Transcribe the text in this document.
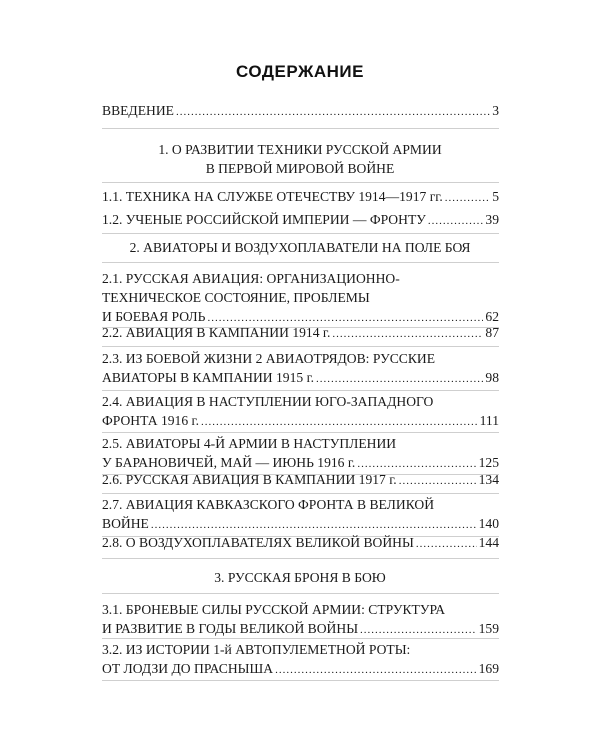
СОДЕРЖАНИЕ
ВВЕДЕНИЕ .....	3
1. О РАЗВИТИИ ТЕХНИКИ РУССКОЙ АРМИИ
В ПЕРВОЙ МИРОВОЙ ВОЙНЕ
1.1. ТЕХНИКА НА СЛУЖБЕ ОТЕЧЕСТВУ 1914—1917 гг. .....	5
1.2. УЧЕНЫЕ РОССИЙСКОЙ ИМПЕРИИ — ФРОНТУ .....	39
2. АВИАТОРЫ И ВОЗДУХОПЛАВАТЕЛИ НА ПОЛЕ БОЯ
2.1. РУССКАЯ АВИАЦИЯ: ОРГАНИЗАЦИОННО-
ТЕХНИЧЕСКОЕ СОСТОЯНИЕ, ПРОБЛЕМЫ
И БОЕВАЯ РОЛЬ .....	62
2.2. АВИАЦИЯ В КАМПАНИИ 1914 г. .....	87
2.3. ИЗ БОЕВОЙ ЖИЗНИ 2 АВИАОТРЯДОВ: РУССКИЕ
АВИАТОРЫ В КАМПАНИИ 1915 г. .....	98
2.4. АВИАЦИЯ В НАСТУПЛЕНИИ ЮГО-ЗАПАДНОГО
ФРОНТА 1916 г. .....	111
2.5. АВИАТОРЫ 4-Й АРМИИ В НАСТУПЛЕНИИ
У БАРАНОВИЧЕЙ, МАЙ — ИЮНЬ 1916 г. .....	125
2.6. РУССКАЯ АВИАЦИЯ В КАМПАНИИ 1917 г. .....	134
2.7. АВИАЦИЯ КАВКАЗСКОГО ФРОНТА В ВЕЛИКОЙ
ВОЙНЕ .....	140
2.8. О ВОЗДУХОПЛАВАТЕЛЯХ ВЕЛИКОЙ ВОЙНЫ .....	144
3. РУССКАЯ БРОНЯ В БОЮ
3.1. БРОНЕВЫЕ СИЛЫ РУССКОЙ АРМИИ: СТРУКТУРА
И РАЗВИТИЕ В ГОДЫ ВЕЛИКОЙ ВОЙНЫ .....	159
3.2. ИЗ ИСТОРИИ 1-й АВТОПУЛЕМЕТНОЙ РОТЫ:
ОТ ЛОДЗИ ДО ПРАСНЫША .....	169
